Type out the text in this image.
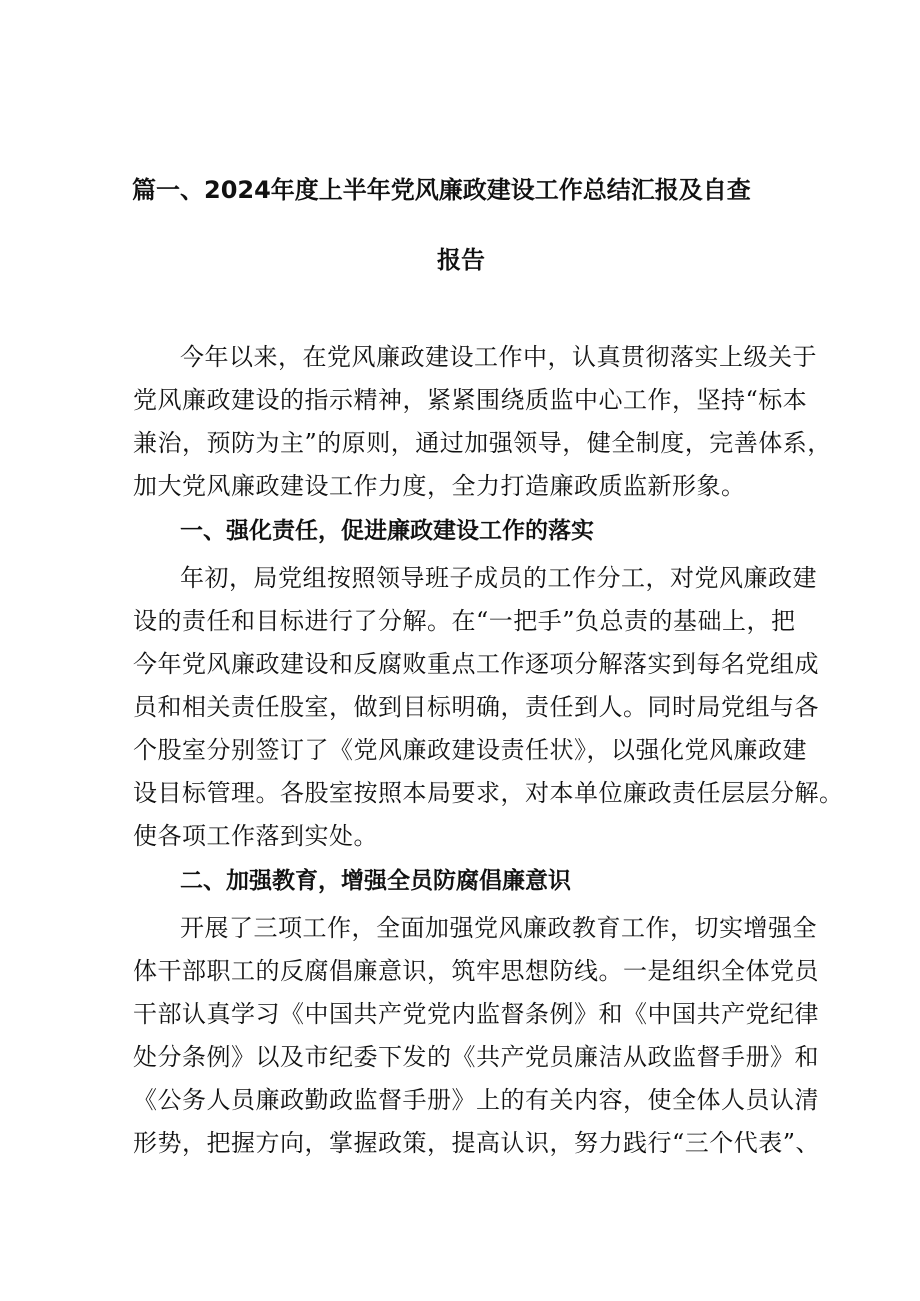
篇一、2024年度上半年党风廉政建设工作总结汇报及自查
报告
今年以来，在党风廉政建设工作中，认真贯彻落实上级关于
党风廉政建设的指示精神，紧紧围绕质监中心工作，坚持“标本
兼治，预防为主”的原则，通过加强领导，健全制度，完善体系，
加大党风廉政建设工作力度，全力打造廉政质监新形象。
一、强化责任，促进廉政建设工作的落实
年初，局党组按照领导班子成员的工作分工，对党风廉政建
设的责任和目标进行了分解。在“一把手”负总责的基础上，把
今年党风廉政建设和反腐败重点工作逐项分解落实到每名党组成
员和相关责任股室，做到目标明确，责任到人。同时局党组与各
个股室分别签订了《党风廉政建设责任状》，以强化党风廉政建
设目标管理。各股室按照本局要求，对本单位廉政责任层层分解。
使各项工作落到实处。
二、加强教育，增强全员防腐倡廉意识
开展了三项工作，全面加强党风廉政教育工作，切实增强全
体干部职工的反腐倡廉意识，筑牢思想防线。一是组织全体党员
干部认真学习《中国共产党党内监督条例》和《中国共产党纪律
处分条例》以及市纪委下发的《共产党员廉洁从政监督手册》和
《公务人员廉政勤政监督手册》上的有关内容，使全体人员认清
形势，把握方向，掌握政策，提高认识，努力践行“三个代表”、
